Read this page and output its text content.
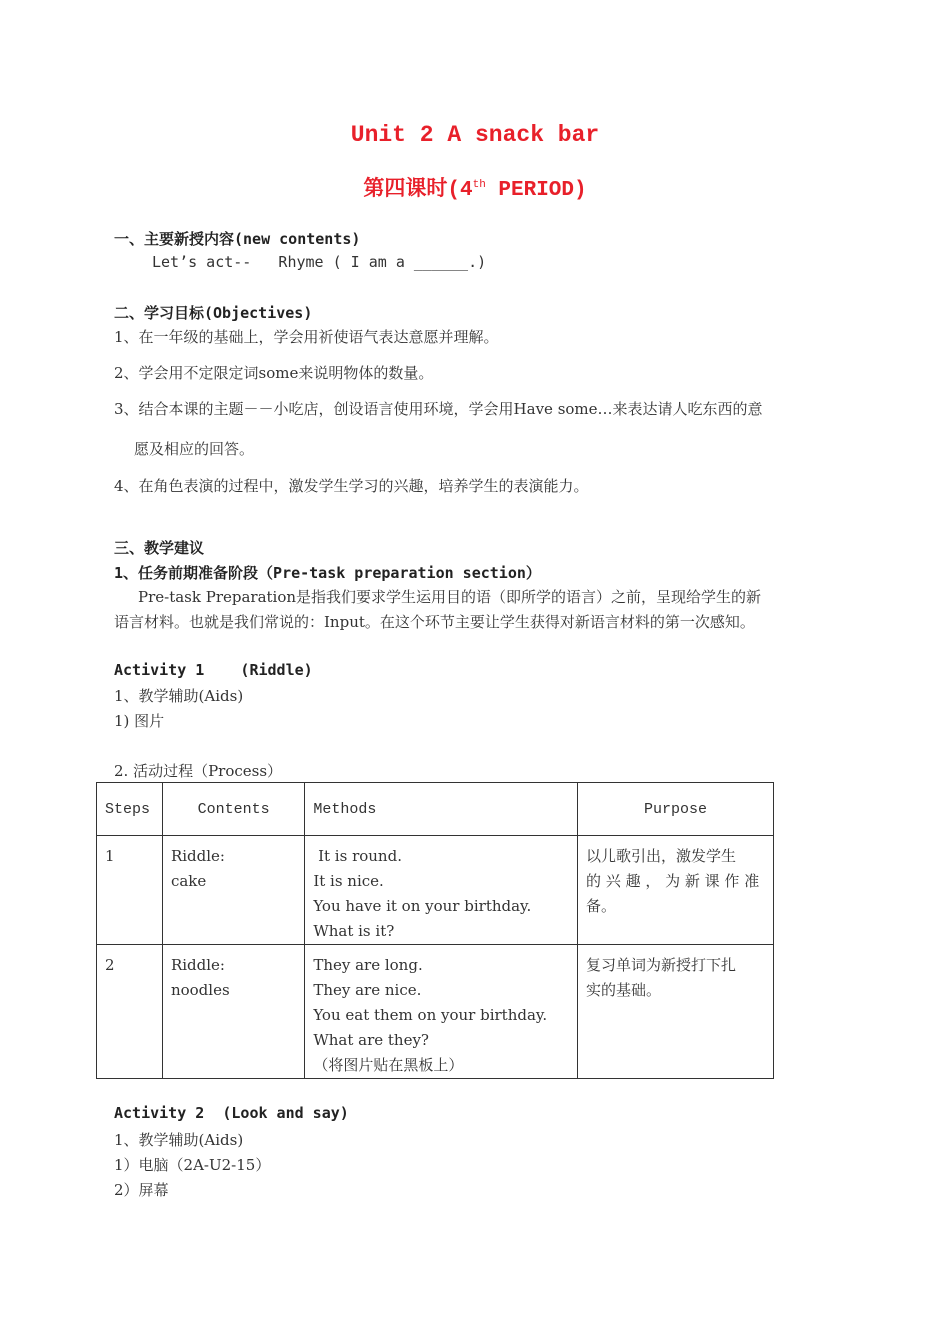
Unit 2 A snack bar
第四课时(4th PERIOD)
一、主要新授内容(new contents)
Let’s act--   Rhyme ( I am a ______.)
二、学习目标(Objectives)
1、在一年级的基础上，学会用祈使语气表达意愿并理解。
2、学会用不定限定词some来说明物体的数量。
3、结合本课的主题－－小吃店，创设语言使用环境，学会用Have some…来表达请人吃东西的意
愿及相应的回答。
4、在角色表演的过程中，激发学生学习的兴趣，培养学生的表演能力。
三、教学建议
1、任务前期准备阶段（Pre-task preparation section）
Pre-task Preparation是指我们要求学生运用目的语（即所学的语言）之前，呈现给学生的新
语言材料。也就是我们常说的：Input。在这个环节主要让学生获得对新语言材料的第一次感知。
Activity 1    (Riddle)
1、教学辅助(Aids)
1) 图片
2. 活动过程（Process）
Steps	Contents	Methods	Purpose
1	Riddle:
cake	It is round.
It is nice.
You have it on your birthday.
What is it?	以儿歌引出，激发学生
的 兴 趣 ， 为 新 课 作 准
备。

2	Riddle:
noodles	They are long.
They are nice.
You eat them on your birthday.
What are they?
（将图片贴在黑板上）	复习单词为新授打下扎
实的基础。
Activity 2  (Look and say)
1、教学辅助(Aids)
1）电脑（2A-U2-15）
2）屏幕
